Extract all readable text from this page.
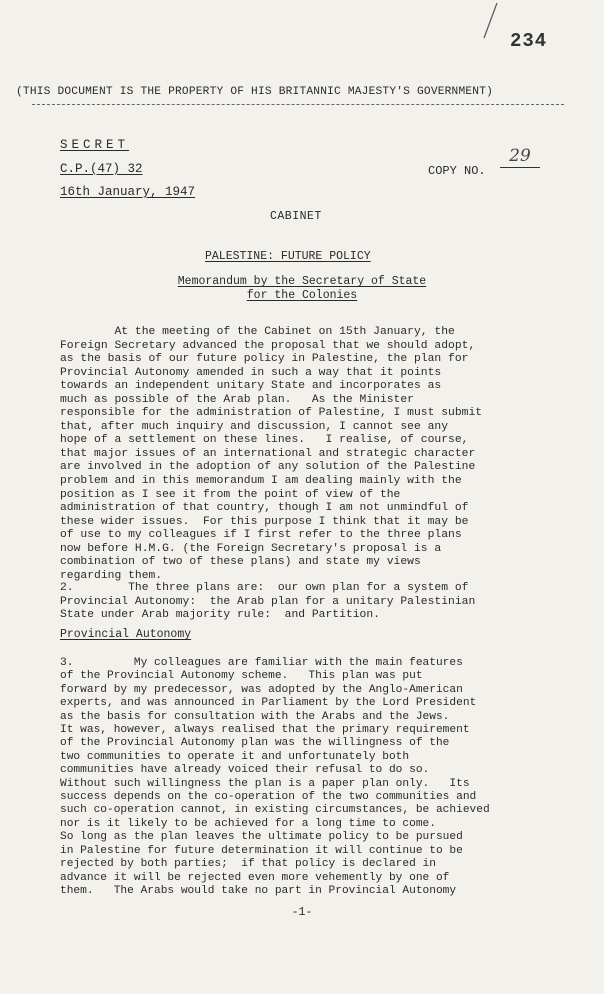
234
(THIS DOCUMENT IS THE PROPERTY OF HIS BRITANNIC MAJESTY'S GOVERNMENT)
SECRET
C.P.(47) 32	COPY NO.
29
16th January, 1947
CABINET
PALESTINE: FUTURE POLICY
Memorandum by the Secretary of State
for the Colonies
At the meeting of the Cabinet on 15th January, the
Foreign Secretary advanced the proposal that we should adopt,
as the basis of our future policy in Palestine, the plan for
Provincial Autonomy amended in such a way that it points
towards an independent unitary State and incorporates as
much as possible of the Arab plan.   As the Minister
responsible for the administration of Palestine, I must submit
that, after much inquiry and discussion, I cannot see any
hope of a settlement on these lines.   I realise, of course,
that major issues of an international and strategic character
are involved in the adoption of any solution of the Palestine
problem and in this memorandum I am dealing mainly with the
position as I see it from the point of view of the
administration of that country, though I am not unmindful of
these wider issues.  For this purpose I think that it may be
of use to my colleagues if I first refer to the three plans
now before H.M.G. (the Foreign Secretary's proposal is a
combination of two of these plans) and state my views
regarding them.
2.        The three plans are:  our own plan for a system of
Provincial Autonomy:  the Arab plan for a unitary Palestinian
State under Arab majority rule:  and Partition.
Provincial Autonomy
3.         My colleagues are familiar with the main features
of the Provincial Autonomy scheme.   This plan was put
forward by my predecessor, was adopted by the Anglo-American
experts, and was announced in Parliament by the Lord President
as the basis for consultation with the Arabs and the Jews.
It was, however, always realised that the primary requirement
of the Provincial Autonomy plan was the willingness of the
two communities to operate it and unfortunately both
communities have already voiced their refusal to do so.
Without such willingness the plan is a paper plan only.   Its
success depends on the co-operation of the two communities and
such co-operation cannot, in existing circumstances, be achieved
nor is it likely to be achieved for a long time to come.
So long as the plan leaves the ultimate policy to be pursued
in Palestine for future determination it will continue to be
rejected by both parties;  if that policy is declared in
advance it will be rejected even more vehemently by one of
them.   The Arabs would take no part in Provincial Autonomy
-1-
